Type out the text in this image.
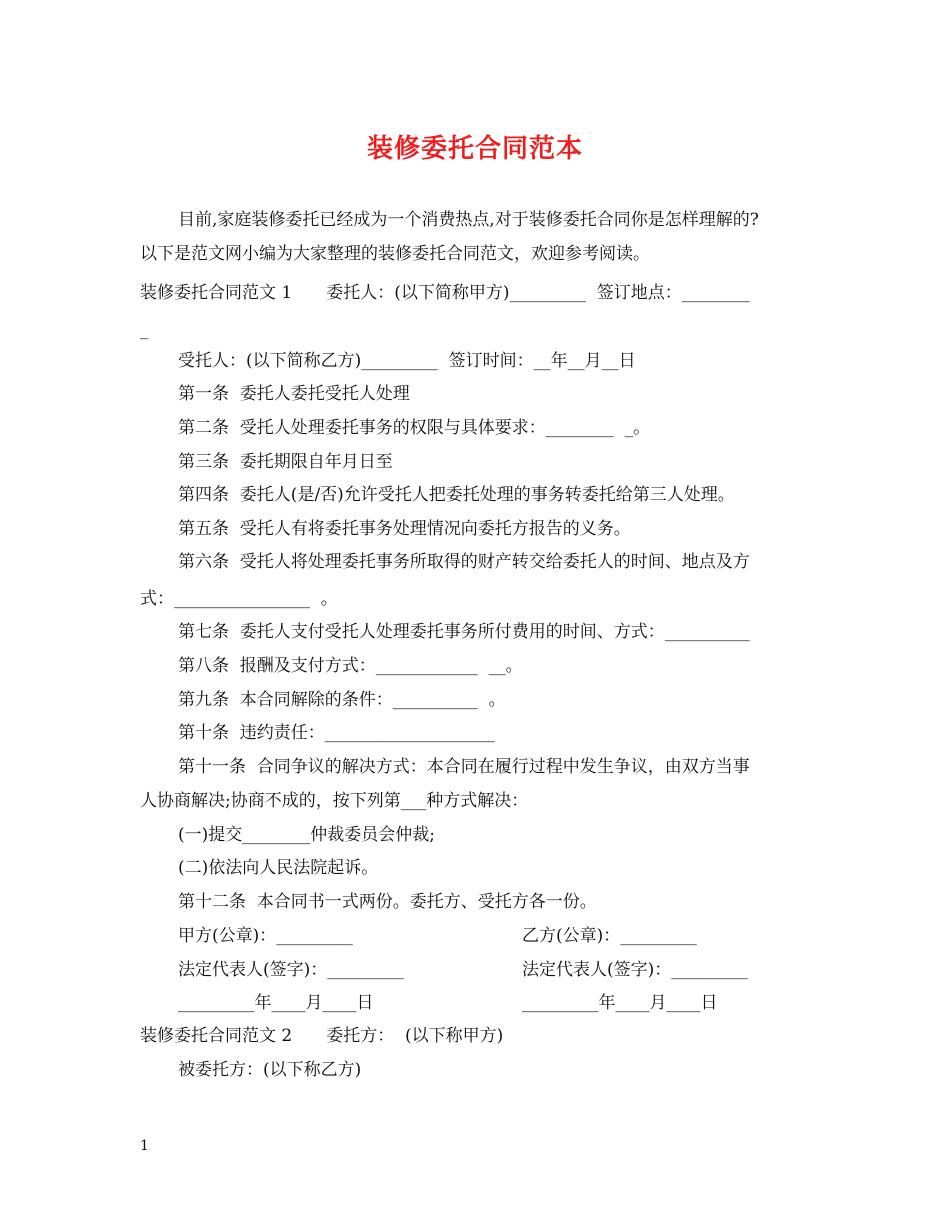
装修委托合同范本
目前,家庭装修委托已经成为一个消费热点,对于装修委托合同你是怎样理解的?
以下是范文网小编为大家整理的装修委托合同范文，欢迎参考阅读。
装修委托合同范文 1　　委托人：(以下简称甲方)_________  签订地点：________
_
受托人：(以下简称乙方)_________  签订时间：__年__月__日
第一条  委托人委托受托人处理
第二条  受托人处理委托事务的权限与具体要求：________  _。
第三条  委托期限自年月日至
第四条  委托人(是/否)允许受托人把委托处理的事务转委托给第三人处理。
第五条  受托人有将委托事务处理情况向委托方报告的义务。
第六条  受托人将处理委托事务所取得的财产转交给委托人的时间、地点及方
式：________________  。
第七条  委托人支付受托人处理委托事务所付费用的时间、方式：__________
第八条  报酬及支付方式：____________  __。
第九条  本合同解除的条件：__________  。
第十条  违约责任：____________________
第十一条  合同争议的解决方式：本合同在履行过程中发生争议，由双方当事
人协商解决;协商不成的，按下列第___种方式解决：
(一)提交________仲裁委员会仲裁;
(二)依法向人民法院起诉。
第十二条  本合同书一式两份。委托方、受托方各一份。
甲方(公章)：_________	乙方(公章)：_________
法定代表人(签字)：_________	法定代表人(签字)：_________
_________年____月____日	_________年____月____日
装修委托合同范文 2　　委托方：  (以下称甲方)
被委托方：(以下称乙方)
1
